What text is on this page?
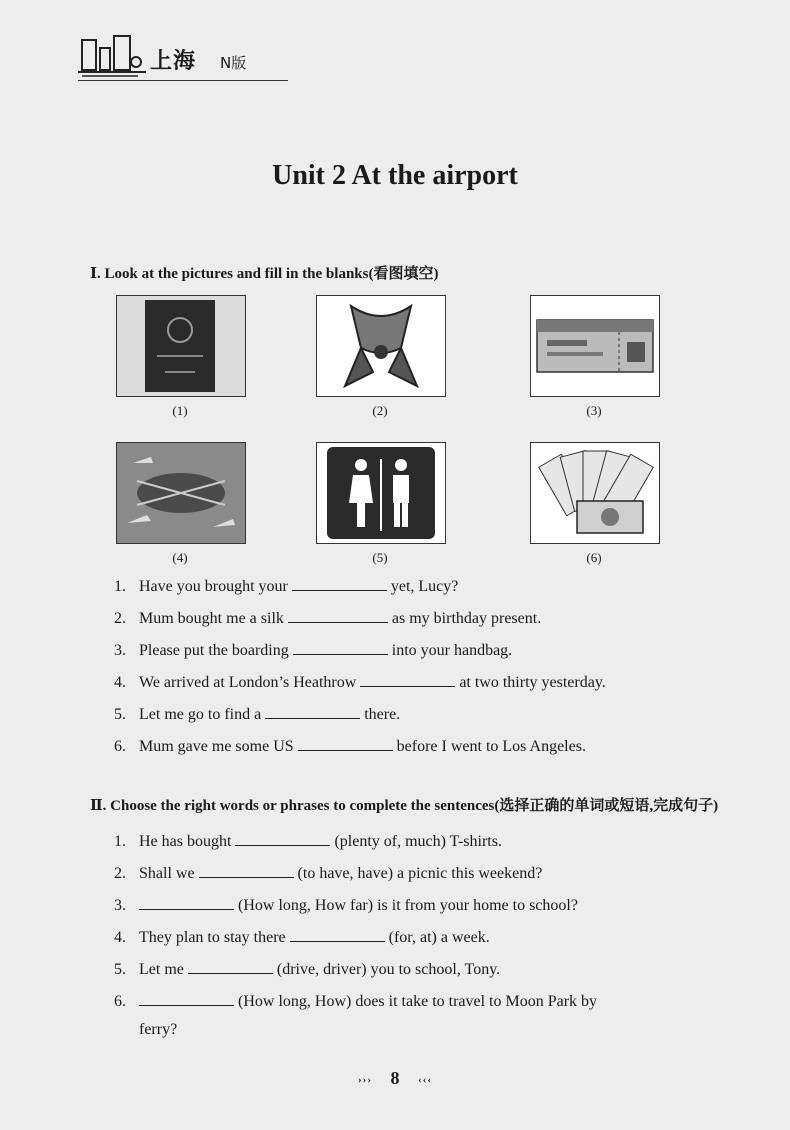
上海 N版
Unit 2 At the airport
Ⅰ. Look at the pictures and fill in the blanks(看图填空)
(1)	(2)	(3)
(4)	(5)	(6)
1. Have you brought your	yet, Lucy?
2. Mum bought me a silk	as my birthday present.
3. Please put the boarding	into your handbag.
4. We arrived at London’s Heathrow	at two thirty yesterday.
5. Let me go to find a	there.
6. Mum gave me some US	before I went to Los Angeles.
Ⅱ. Choose the right words or phrases to complete the sentences(选择正确的单词或短语,完成句子)
1. He has bought	(plenty of, much) T-shirts.
2. Shall we	(to have, have) a picnic this weekend?
3.	(How long, How far) is it from your home to school?
4. They plan to stay there	(for, at) a week.
5. Let me	(drive, driver) you to school, Tony.
6.	(How long, How) does it take to travel to Moon Park by
ferry?
››› 8 ‹‹‹
